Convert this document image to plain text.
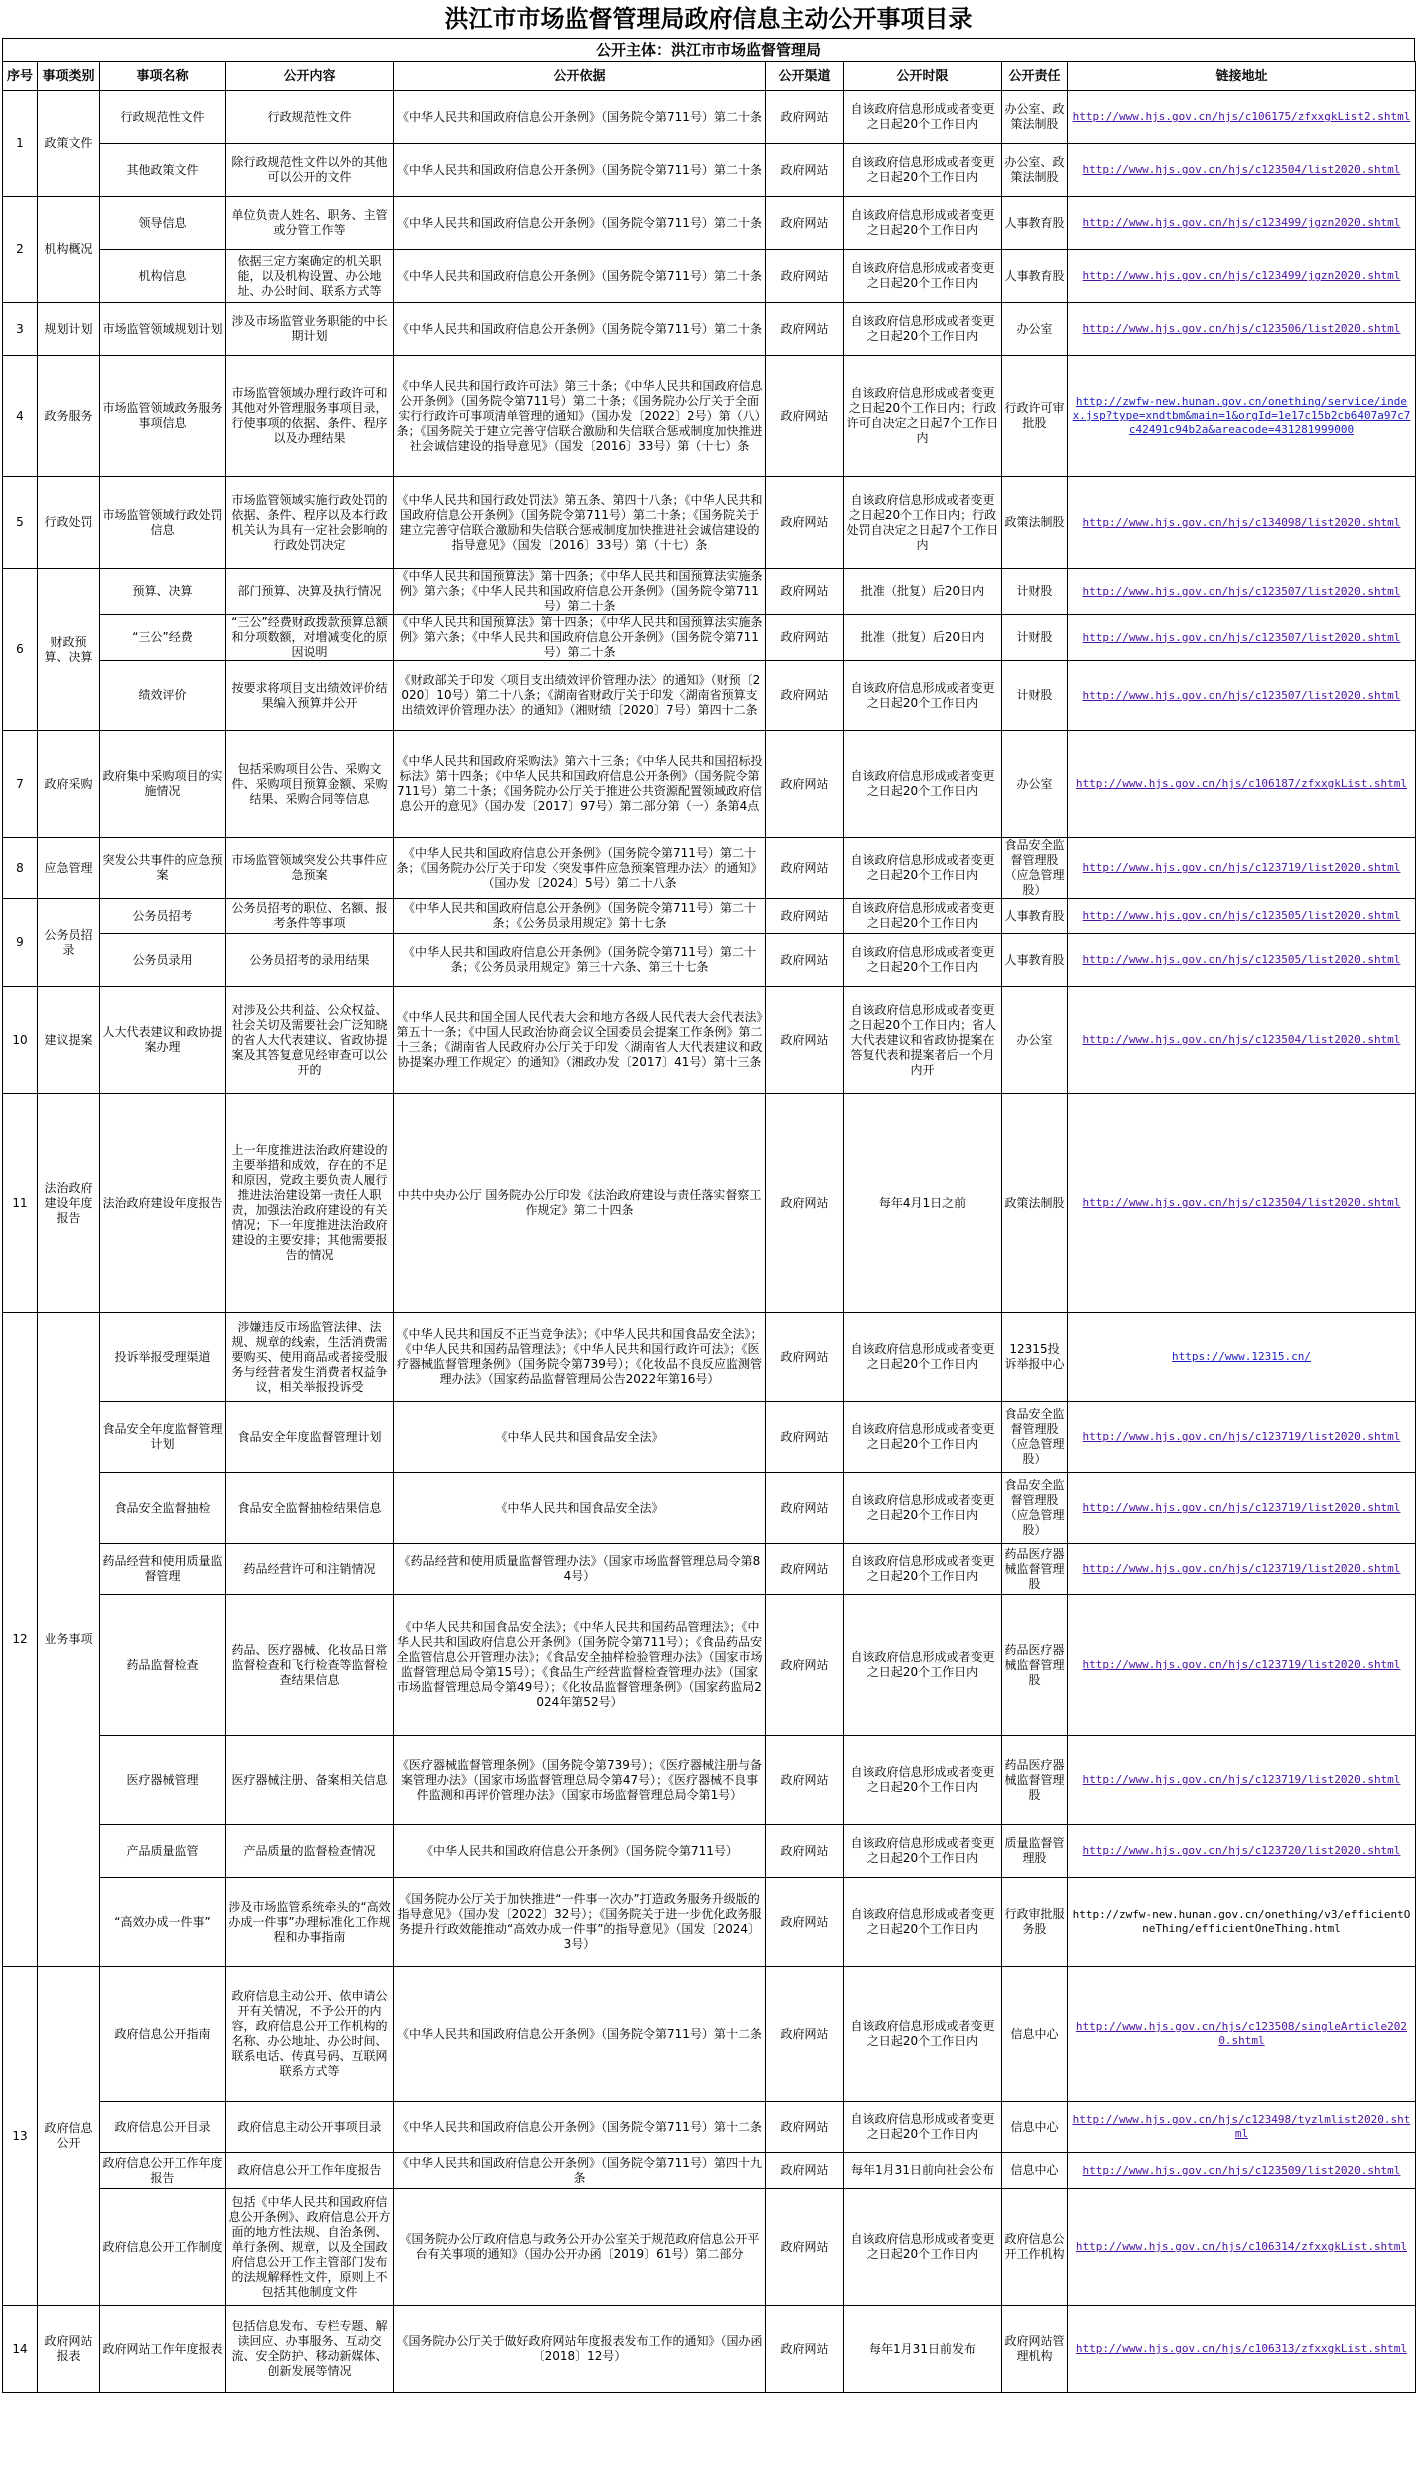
洪江市市场监督管理局政府信息主动公开事项目录
公开主体：洪江市市场监督管理局
序号	事项类别	事项名称	公开内容	公开依据	公开渠道	公开时限	公开责任	链接地址
1	政策文件	行政规范性文件	行政规范性文件	《中华人民共和国政府信息公开条例》（国务院令第711号）第二十条	政府网站	自该政府信息形成或者变更之日起20个工作日内	办公室、政策法制股	http://www.hjs.gov.cn/hjs/c106175/zfxxgkList2.shtml
		其他政策文件	除行政规范性文件以外的其他可以公开的文件	《中华人民共和国政府信息公开条例》（国务院令第711号）第二十条	政府网站	自该政府信息形成或者变更之日起20个工作日内	办公室、政策法制股	http://www.hjs.gov.cn/hjs/c123504/list2020.shtml
2	机构概况	领导信息	单位负责人姓名、职务、主管或分管工作等	《中华人民共和国政府信息公开条例》（国务院令第711号）第二十条	政府网站	自该政府信息形成或者变更之日起20个工作日内	人事教育股	http://www.hjs.gov.cn/hjs/c123499/jgzn2020.shtml
		机构信息	依据三定方案确定的机关职能，以及机构设置、办公地址、办公时间、联系方式等	《中华人民共和国政府信息公开条例》（国务院令第711号）第二十条	政府网站	自该政府信息形成或者变更之日起20个工作日内	人事教育股	http://www.hjs.gov.cn/hjs/c123499/jgzn2020.shtml
3	规划计划	市场监管领域规划计划	涉及市场监管业务职能的中长期计划	《中华人民共和国政府信息公开条例》（国务院令第711号）第二十条	政府网站	自该政府信息形成或者变更之日起20个工作日内	办公室	http://www.hjs.gov.cn/hjs/c123506/list2020.shtml
4	政务服务	市场监管领域政务服务事项信息	市场监管领域办理行政许可和其他对外管理服务事项目录，行使事项的依据、条件、程序以及办理结果	《中华人民共和国行政许可法》第三十条；《中华人民共和国政府信息公开条例》（国务院令第711号）第二十条；《国务院办公厅关于全面实行行政许可事项清单管理的通知》（国办发〔2022〕2号）第（八）条；《国务院关于建立完善守信联合激励和失信联合惩戒制度加快推进社会诚信建设的指导意见》（国发〔2016〕33号）第（十七）条	政府网站	自该政府信息形成或者变更之日起20个工作日内；行政许可自决定之日起7个工作日内	行政许可审批股	http://zwfw-new.hunan.gov.cn/onething/service/index.jsp?type=xndtbm&main=1&orgId=1e17c15b2cb6407a97c7c42491c94b2a&areacode=431281999000
5	行政处罚	市场监管领域行政处罚信息	市场监管领域实施行政处罚的依据、条件、程序以及本行政机关认为具有一定社会影响的行政处罚决定	《中华人民共和国行政处罚法》第五条、第四十八条；《中华人民共和国政府信息公开条例》（国务院令第711号）第二十条；《国务院关于建立完善守信联合激励和失信联合惩戒制度加快推进社会诚信建设的指导意见》（国发〔2016〕33号）第（十七）条	政府网站	自该政府信息形成或者变更之日起20个工作日内；行政处罚自决定之日起7个工作日内	政策法制股	http://www.hjs.gov.cn/hjs/c134098/list2020.shtml
6	财政预算、决算	预算、决算	部门预算、决算及执行情况	《中华人民共和国预算法》第十四条；《中华人民共和国预算法实施条例》第六条；《中华人民共和国政府信息公开条例》（国务院令第711号）第二十条	政府网站	批准（批复）后20日内	计财股	http://www.hjs.gov.cn/hjs/c123507/list2020.shtml
		“三公”经费	“三公”经费财政拨款预算总额和分项数额，对增减变化的原因说明	《中华人民共和国预算法》第十四条；《中华人民共和国预算法实施条例》第六条；《中华人民共和国政府信息公开条例》（国务院令第711号）第二十条	政府网站	批准（批复）后20日内	计财股	http://www.hjs.gov.cn/hjs/c123507/list2020.shtml
		绩效评价	按要求将项目支出绩效评价结果编入预算并公开	《财政部关于印发〈项目支出绩效评价管理办法〉的通知》（财预〔2020〕10号）第二十八条；《湖南省财政厅关于印发〈湖南省预算支出绩效评价管理办法〉的通知》（湘财绩〔2020〕7号）第四十二条	政府网站	自该政府信息形成或者变更之日起20个工作日内	计财股	http://www.hjs.gov.cn/hjs/c123507/list2020.shtml
7	政府采购	政府集中采购项目的实施情况	包括采购项目公告、采购文件、采购项目预算金额、采购结果、采购合同等信息	《中华人民共和国政府采购法》第六十三条；《中华人民共和国招标投标法》第十四条；《中华人民共和国政府信息公开条例》（国务院令第711号）第二十条；《国务院办公厅关于推进公共资源配置领域政府信息公开的意见》（国办发〔2017〕97号）第二部分第（一）条第4点	政府网站	自该政府信息形成或者变更之日起20个工作日内	办公室	http://www.hjs.gov.cn/hjs/c106187/zfxxgkList.shtml
8	应急管理	突发公共事件的应急预案	市场监管领域突发公共事件应急预案	《中华人民共和国政府信息公开条例》（国务院令第711号）第二十条；《国务院办公厅关于印发〈突发事件应急预案管理办法〉的通知》（国办发〔2024〕5号）第二十八条	政府网站	自该政府信息形成或者变更之日起20个工作日内	食品安全监督管理股（应急管理股）	http://www.hjs.gov.cn/hjs/c123719/list2020.shtml
9	公务员招录	公务员招考	公务员招考的职位、名额、报考条件等事项	《中华人民共和国政府信息公开条例》（国务院令第711号）第二十条；《公务员录用规定》第十七条	政府网站	自该政府信息形成或者变更之日起20个工作日内	人事教育股	http://www.hjs.gov.cn/hjs/c123505/list2020.shtml
		公务员录用	公务员招考的录用结果	《中华人民共和国政府信息公开条例》（国务院令第711号）第二十条；《公务员录用规定》第三十六条、第三十七条	政府网站	自该政府信息形成或者变更之日起20个工作日内	人事教育股	http://www.hjs.gov.cn/hjs/c123505/list2020.shtml
10	建议提案	人大代表建议和政协提案办理	对涉及公共利益、公众权益、社会关切及需要社会广泛知晓的省人大代表建议、省政协提案及其答复意见经审查可以公开的	《中华人民共和国全国人民代表大会和地方各级人民代表大会代表法》第五十一条；《中国人民政治协商会议全国委员会提案工作条例》第二十三条；《湖南省人民政府办公厅关于印发〈湖南省人大代表建议和政协提案办理工作规定〉的通知》（湘政办发〔2017〕41号）第十三条	政府网站	自该政府信息形成或者变更之日起20个工作日内；省人大代表建议和省政协提案在答复代表和提案者后一个月内开	办公室	http://www.hjs.gov.cn/hjs/c123504/list2020.shtml
11	法治政府建设年度报告	法治政府建设年度报告	上一年度推进法治政府建设的主要举措和成效，存在的不足和原因，党政主要负责人履行推进法治建设第一责任人职责，加强法治政府建设的有关情况；下一年度推进法治政府建设的主要安排；其他需要报告的情况	中共中央办公厅 国务院办公厅印发《法治政府建设与责任落实督察工作规定》第二十四条	政府网站	每年4月1日之前	政策法制股	http://www.hjs.gov.cn/hjs/c123504/list2020.shtml
12	业务事项	投诉举报受理渠道	涉嫌违反市场监管法律、法规、规章的线索，生活消费需要购买、使用商品或者接受服务与经营者发生消费者权益争议，相关举报投诉受	《中华人民共和国反不正当竞争法》；《中华人民共和国食品安全法》；《中华人民共和国药品管理法》；《中华人民共和国行政许可法》；《医疗器械监督管理条例》（国务院令第739号）；《化妆品不良反应监测管理办法》（国家药品监督管理局公告2022年第16号）	政府网站	自该政府信息形成或者变更之日起20个工作日内	12315投诉举报中心	https://www.12315.cn/
		食品安全年度监督管理计划	食品安全年度监督管理计划	《中华人民共和国食品安全法》	政府网站	自该政府信息形成或者变更之日起20个工作日内	食品安全监督管理股（应急管理股）	http://www.hjs.gov.cn/hjs/c123719/list2020.shtml
		食品安全监督抽检	食品安全监督抽检结果信息	《中华人民共和国食品安全法》	政府网站	自该政府信息形成或者变更之日起20个工作日内	食品安全监督管理股（应急管理股）	http://www.hjs.gov.cn/hjs/c123719/list2020.shtml
		药品经营和使用质量监督管理	药品经营许可和注销情况	《药品经营和使用质量监督管理办法》（国家市场监督管理总局令第84号）	政府网站	自该政府信息形成或者变更之日起20个工作日内	药品医疗器械监督管理股	http://www.hjs.gov.cn/hjs/c123719/list2020.shtml
		药品监督检查	药品、医疗器械、化妆品日常监督检查和飞行检查等监督检查结果信息	《中华人民共和国食品安全法》；《中华人民共和国药品管理法》；《中华人民共和国政府信息公开条例》（国务院令第711号）；《食品药品安全监管信息公开管理办法》；《食品安全抽样检验管理办法》（国家市场监督管理总局令第15号）；《食品生产经营监督检查管理办法》（国家市场监督管理总局令第49号）；《化妆品监督管理条例》（国家药监局2024年第52号）	政府网站	自该政府信息形成或者变更之日起20个工作日内	药品医疗器械监督管理股	http://www.hjs.gov.cn/hjs/c123719/list2020.shtml
		医疗器械管理	医疗器械注册、备案相关信息	《医疗器械监督管理条例》（国务院令第739号）；《医疗器械注册与备案管理办法》（国家市场监督管理总局令第47号）；《医疗器械不良事件监测和再评价管理办法》（国家市场监督管理总局令第1号）	政府网站	自该政府信息形成或者变更之日起20个工作日内	药品医疗器械监督管理股	http://www.hjs.gov.cn/hjs/c123719/list2020.shtml
		产品质量监管	产品质量的监督检查情况	《中华人民共和国政府信息公开条例》（国务院令第711号）	政府网站	自该政府信息形成或者变更之日起20个工作日内	质量监督管理股	http://www.hjs.gov.cn/hjs/c123720/list2020.shtml
		“高效办成一件事”	涉及市场监管系统牵头的“高效办成一件事”办理标准化工作规程和办事指南	《国务院办公厅关于加快推进“一件事一次办”打造政务服务升级版的指导意见》（国办发〔2022〕32号）；《国务院关于进一步优化政务服务提升行政效能推动“高效办成一件事”的指导意见》（国发〔2024〕3号）	政府网站	自该政府信息形成或者变更之日起20个工作日内	行政审批服务股	http://zwfw-new.hunan.gov.cn/onething/v3/efficientOneThing/efficientOneThing.html
13	政府信息公开	政府信息公开指南	政府信息主动公开、依申请公开有关情况，不予公开的内容，政府信息公开工作机构的名称、办公地址、办公时间、联系电话、传真号码、互联网联系方式等	《中华人民共和国政府信息公开条例》（国务院令第711号）第十二条	政府网站	自该政府信息形成或者变更之日起20个工作日内	信息中心	http://www.hjs.gov.cn/hjs/c123508/singleArticle2020.shtml
		政府信息公开目录	政府信息主动公开事项目录	《中华人民共和国政府信息公开条例》（国务院令第711号）第十二条	政府网站	自该政府信息形成或者变更之日起20个工作日内	信息中心	http://www.hjs.gov.cn/hjs/c123498/tyzlmlist2020.shtml
		政府信息公开工作年度报告	政府信息公开工作年度报告	《中华人民共和国政府信息公开条例》（国务院令第711号）第四十九条	政府网站	每年1月31日前向社会公布	信息中心	http://www.hjs.gov.cn/hjs/c123509/list2020.shtml
		政府信息公开工作制度	包括《中华人民共和国政府信息公开条例》、政府信息公开方面的地方性法规、自治条例、单行条例、规章，以及全国政府信息公开工作主管部门发布的法规解释性文件，原则上不包括其他制度文件	《国务院办公厅政府信息与政务公开办公室关于规范政府信息公开平台有关事项的通知》（国办公开办函〔2019〕61号）第二部分	政府网站	自该政府信息形成或者变更之日起20个工作日内	政府信息公开工作机构	http://www.hjs.gov.cn/hjs/c106314/zfxxgkList.shtml
14	政府网站报表	政府网站工作年度报表	包括信息发布、专栏专题、解读回应、办事服务、互动交流、安全防护、移动新媒体、创新发展等情况	《国务院办公厅关于做好政府网站年度报表发布工作的通知》（国办函〔2018〕12号）	政府网站	每年1月31日前发布	政府网站管理机构	http://www.hjs.gov.cn/hjs/c106313/zfxxgkList.shtml
